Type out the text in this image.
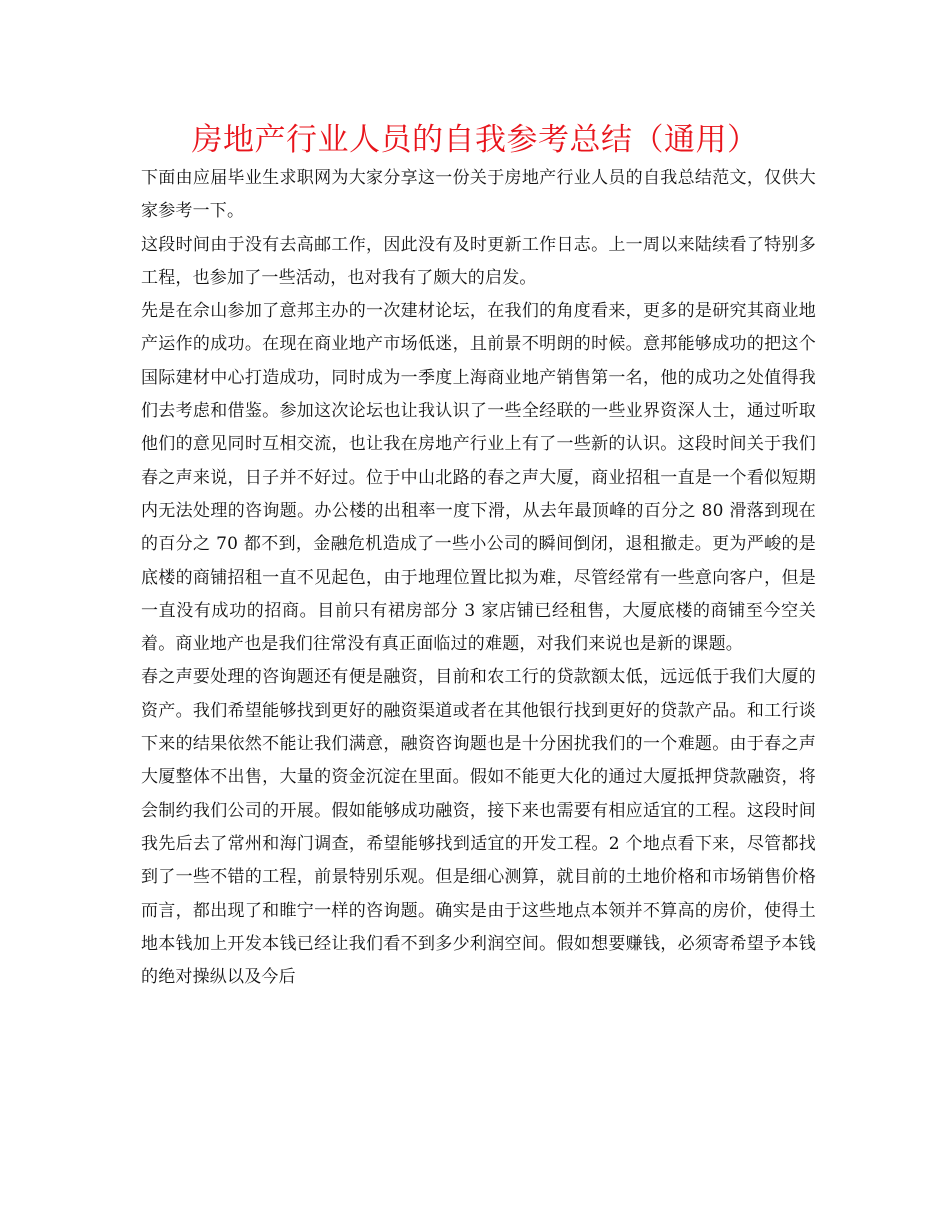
房地产行业人员的自我参考总结（通用）

下面由应届毕业生求职网为大家分享这一份关于房地产行业人员的自我总结范文，仅供大家参考一下。

这段时间由于没有去高邮工作，因此没有及时更新工作日志。上一周以来陆续看了特别多工程，也参加了一些活动，也对我有了颇大的启发。

先是在佘山参加了意邦主办的一次建材论坛，在我们的角度看来，更多的是研究其商业地产运作的成功。在现在商业地产市场低迷，且前景不明朗的时候。意邦能够成功的把这个国际建材中心打造成功，同时成为一季度上海商业地产销售第一名，他的成功之处值得我们去考虑和借鉴。参加这次论坛也让我认识了一些全经联的一些业界资深人士，通过听取他们的意见同时互相交流，也让我在房地产行业上有了一些新的认识。这段时间关于我们春之声来说，日子并不好过。位于中山北路的春之声大厦，商业招租一直是一个看似短期内无法处理的咨询题。办公楼的出租率一度下滑，从去年最顶峰的百分之 80 滑落到现在的百分之 70 都不到，金融危机造成了一些小公司的瞬间倒闭，退租撤走。更为严峻的是底楼的商铺招租一直不见起色，由于地理位置比拟为难，尽管经常有一些意向客户，但是一直没有成功的招商。目前只有裙房部分 3 家店铺已经租售，大厦底楼的商铺至今空关着。商业地产也是我们往常没有真正面临过的难题，对我们来说也是新的课题。

春之声要处理的咨询题还有便是融资，目前和农工行的贷款额太低，远远低于我们大厦的资产。我们希望能够找到更好的融资渠道或者在其他银行找到更好的贷款产品。和工行谈下来的结果依然不能让我们满意，融资咨询题也是十分困扰我们的一个难题。由于春之声大厦整体不出售，大量的资金沉淀在里面。假如不能更大化的通过大厦抵押贷款融资，将会制约我们公司的开展。假如能够成功融资，接下来也需要有相应适宜的工程。这段时间我先后去了常州和海门调查，希望能够找到适宜的开发工程。2 个地点看下来，尽管都找到了一些不错的工程，前景特别乐观。但是细心测算，就目前的土地价格和市场销售价格而言，都出现了和睢宁一样的咨询题。确实是由于这些地点本领并不算高的房价，使得土地本钱加上开发本钱已经让我们看不到多少利润空间。假如想要赚钱，必须寄希望予本钱的绝对操纵以及今后
